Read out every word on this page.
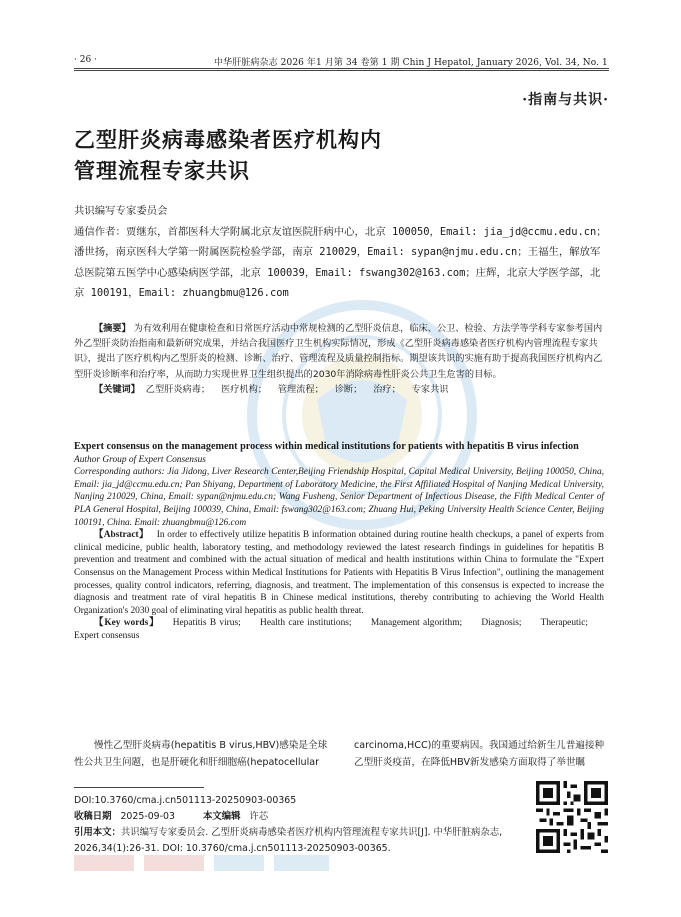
· 26 ·	中华肝脏病杂志 2026 年1 月第 34 卷第 1 期 Chin J Hepatol, January 2026, Vol. 34, No. 1
·指南与共识·
乙型肝炎病毒感染者医疗机构内
管理流程专家共识
共识编写专家委员会
通信作者：贾继东，首都医科大学附属北京友谊医院肝病中心，北京 100050，Email: jia_jd@ccmu.edu.cn；潘世扬，南京医科大学第一附属医院检验学部，南京 210029，Email: sypan@njmu.edu.cn；王福生，解放军总医院第五医学中心感染病医学部，北京 100039，Email: fswang302@163.com；庄辉，北京大学医学部，北京 100191，Email: zhuangbmu@126.com

【摘要】 为有效利用在健康检查和日常医疗活动中常规检测的乙型肝炎信息，临床、公卫、检验、方法学等学科专家参考国内外乙型肝炎防治指南和最新研究成果，并结合我国医疗卫生机构实际情况，形成《乙型肝炎病毒感染者医疗机构内管理流程专家共识》，提出了医疗机构内乙型肝炎的检测、诊断、治疗、管理流程及质量控制指标。期望该共识的实施有助于提高我国医疗机构内乙型肝炎诊断率和治疗率，从而助力实现世界卫生组织提出的2030年消除病毒性肝炎公共卫生危害的目标。

【关键词】 乙型肝炎病毒； 医疗机构； 管理流程； 诊断； 治疗； 专家共识

Expert consensus on the management process within medical institutions for patients with hepatitis B virus infection

Author Group of Expert Consensus

Corresponding authors: Jia Jidong, Liver Research Center,Beijing Friendship Hospital, Capital Medical University, Beijing 100050, China, Email: jia_jd@ccmu.edu.cn; Pan Shiyang, Department of Laboratory Medicine, the First Affiliated Hospital of Nanjing Medical University, Nanjing 210029, China, Email: sypan@njmu.edu.cn; Wang Fusheng, Senior Department of Infectious Disease, the Fifth Medical Center of PLA General Hospital, Beijing 100039, China, Email: fswang302@163.com; Zhuang Hui, Peking University Health Science Center, Beijing 100191, China. Email: zhuangbmu@126.com

【Abstract】 In order to effectively utilize hepatitis B information obtained during routine health checkups, a panel of experts from clinical medicine, public health, laboratory testing, and methodology reviewed the latest research findings in guidelines for hepatitis B prevention and treatment and combined with the actual situation of medical and health institutions within China to formulate the "Expert Consensus on the Management Process within Medical Institutions for Patients with Hepatitis B Virus Infection", outlining the management processes, quality control indicators, referring, diagnosis, and treatment. The implementation of this consensus is expected to increase the diagnosis and treatment rate of viral hepatitis B in Chinese medical institutions, thereby contributing to achieving the World Health Organization's 2030 goal of eliminating viral hepatitis as public health threat.

【Key words】 Hepatitis B virus; Health care institutions; Management algorithm; Diagnosis; Therapeutic; Expert consensus

慢性乙型肝炎病毒(hepatitis B virus,HBV)感染是全球性公共卫生问题，也是肝硬化和肝细胞癌(hepatocellular
carcinoma,HCC)的重要病因。我国通过给新生儿普遍接种乙型肝炎疫苗，在降低HBV新发感染方面取得了举世瞩

DOI:10.3760/cma.j.cn501113-20250903-00365

收稿日期 2025-09-03	本文编辑 许芯

引用本文：共识编写专家委员会. 乙型肝炎病毒感染者医疗机构内管理流程专家共识[J]. 中华肝脏病杂志, 2026,34(1):26-31. DOI: 10.3760/cma.j.cn501113-20250903-00365.
